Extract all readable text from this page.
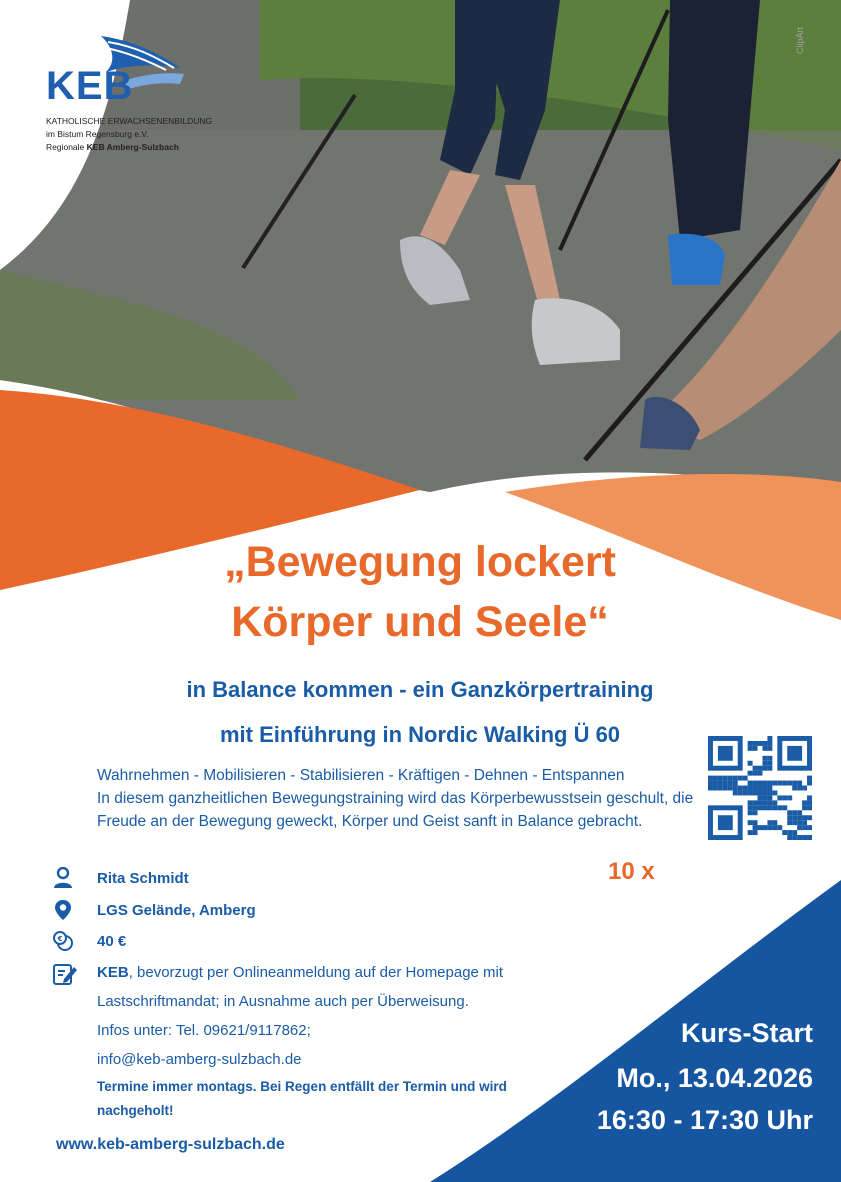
KEB
KATHOLISCHE ERWACHSENENBILDUNG
im Bistum Regensburg e.V.
Regionale KEB Amberg-Sulzbach
ClipArt
„Bewegung lockert
Körper und Seele“
in Balance kommen - ein Ganzkörpertraining
mit Einführung in Nordic Walking Ü 60
Wahrnehmen - Mobilisieren - Stabilisieren - Kräftigen - Dehnen - Entspannen
In diesem ganzheitlichen Bewegungstraining wird das Körperbewusstsein geschult, die Freude an der Bewegung geweckt, Körper und Geist sanft in Balance gebracht.
10 x
Rita Schmidt
LGS Gelände, Amberg
€ 40 €
KEB, bevorzugt per Onlineanmeldung auf der Homepage mit Lastschriftmandat; in Ausnahme auch per Überweisung.
Infos unter: Tel. 09621/9117862;
info@keb-amberg-sulzbach.de
Termine immer montags. Bei Regen entfällt der Termin und wird nachgeholt!
www.keb-amberg-sulzbach.de
Kurs-Start
Mo., 13.04.2026
16:30 - 17:30 Uhr
